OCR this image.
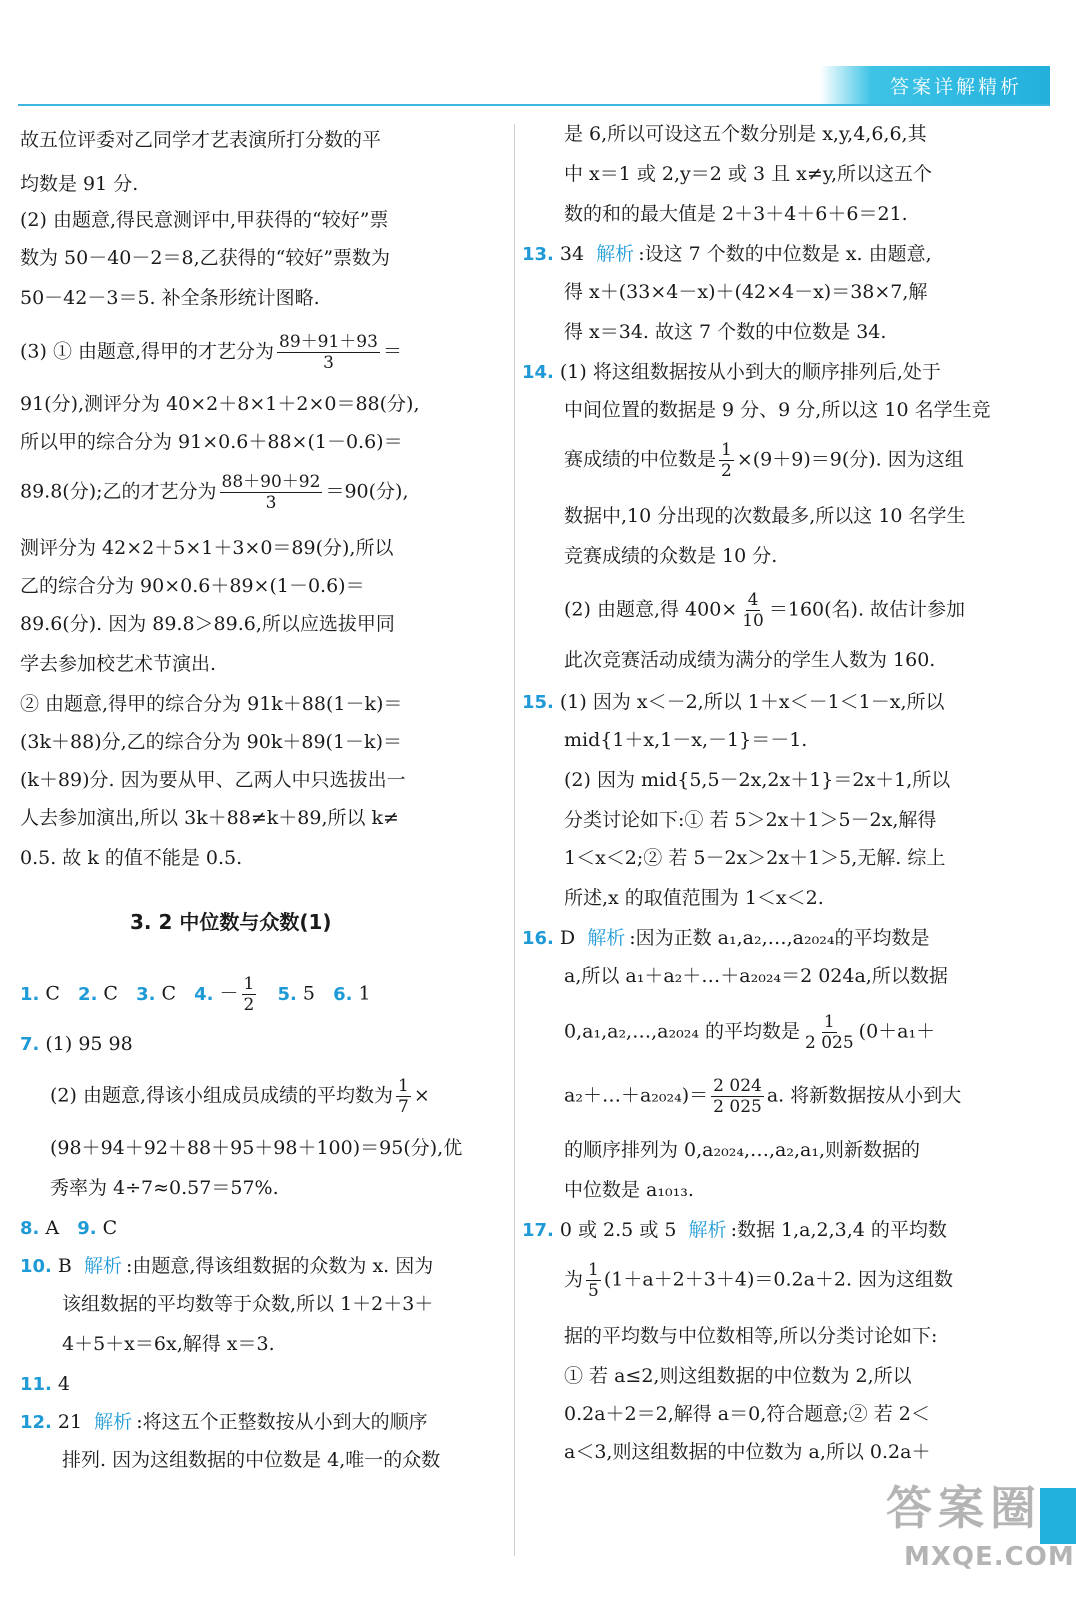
答案详解精析
故五位评委对乙同学才艺表演所打分数的平
均数是 91 分.
(2) 由题意,得民意测评中,甲获得的“较好”票
数为 50－40－2＝8,乙获得的“较好”票数为
50－42－3＝5. 补全条形统计图略.
(3) ① 由题意,得甲的才艺分为 $\frac{89+91+93}{3}$ ＝
91(分),测评分为 40×2＋8×1＋2×0＝88(分),
所以甲的综合分为 91×0.6＋88×(1－0.6)＝
89.8(分);乙的才艺分为 $\frac{88+90+92}{3} =90$(分),
测评分为 42×2＋5×1＋3×0＝89(分),所以
乙的综合分为 90×0.6＋89×(1－0.6)＝
89.6(分). 因为 89.8＞89.6,所以应选拔甲同
学去参加校艺术节演出.
② 由题意,得甲的综合分为 91k＋88(1－k)＝
(3k＋88)分,乙的综合分为 90k＋89(1－k)＝
(k＋89)分. 因为要从甲、乙两人中只选拔出一
人去参加演出,所以 3k＋88≠k＋89,所以 k≠
0.5. 故 k 的值不能是 0.5.
3. 2 中位数与众数(1)
1. C 2. C 3. C 4. － $\frac{1}{2} 5$. 5 6. 1
7. (1) 95 98
(2) 由题意,得该小组成员成绩的平均数为 $\frac{1}{7}$ ×
(98＋94＋92＋88＋95＋98＋100)＝95(分),优
秀率为 4÷7≈0.57＝57%.
8. A 9. C
10. B 解析 :由题意,得该组数据的众数为 x. 因为
该组数据的平均数等于众数,所以 1＋2＋3＋
4＋5＋x＝6x,解得 x＝3.
11. 4
12. 21 解析 :将这五个正整数按从小到大的顺序
排列. 因为这组数据的中位数是 4,唯一的众数
是 6,所以可设这五个数分别是 x,y,4,6,6,其
中 x＝1 或 2,y＝2 或 3 且 x≠y,所以这五个
数的和的最大值是 2＋3＋4＋6＋6＝21.
13. 34 解析 :设这 7 个数的中位数是 x. 由题意,
得 x＋(33×4－x)＋(42×4－x)＝38×7,解
得 x＝34. 故这 7 个数的中位数是 34.
14. (1) 将这组数据按从小到大的顺序排列后,处于
中间位置的数据是 9 分、9 分,所以这 10 名学生竞
赛成绩的中位数是 $\frac{1}{2} \times(9+9)=9$(分). 因为这组
数据中,10 分出现的次数最多,所以这 10 名学生
竞赛成绩的众数是 10 分.
(2) 由题意,得 $400\times \frac{4}{10} =160$(名). 故估计参加
此次竞赛活动成绩为满分的学生人数为 160.
15. (1) 因为 x＜－2,所以 1＋x＜－1＜1－x,所以
mid{1＋x,1－x,－1}＝－1.
(2) 因为 mid{5,5－2x,2x＋1}＝2x＋1,所以
分类讨论如下:① 若 5＞2x＋1＞5－2x,解得
1＜x＜2;② 若 5－2x＞2x＋1＞5,无解. 综上
所述,x 的取值范围为 1＜x＜2.
16. D 解析 :因为正数 a₁,a₂,…,a₂₀₂₄的平均数是
a,所以 a₁＋a₂＋…＋a₂₀₂₄＝2 024a,所以数据
0,a₁,a₂,…,a₂₀₂₄ 的平均数是 $\frac{1}{2 025} (0+a_1+$
a₂＋…＋a₂₀₂₄)＝ $\frac{2 024}{2 025} a$. 将新数据按从小到大
的顺序排列为 0,a₂₀₂₄,…,a₂,a₁,则新数据的
中位数是 a₁₀₁₃.
17. 0 或 2.5 或 5 解析 :数据 1,a,2,3,4 的平均数
为 $\frac{1}{5} (1+a+2+3+4)=0.2a+2$. 因为这组数
据的平均数与中位数相等,所以分类讨论如下:
① 若 a≤2,则这组数据的中位数为 2,所以
0.2a＋2＝2,解得 a＝0,符合题意;② 若 2＜
a＜3,则这组数据的中位数为 a,所以 0.2a＋
答案圈
MXQE.COM
